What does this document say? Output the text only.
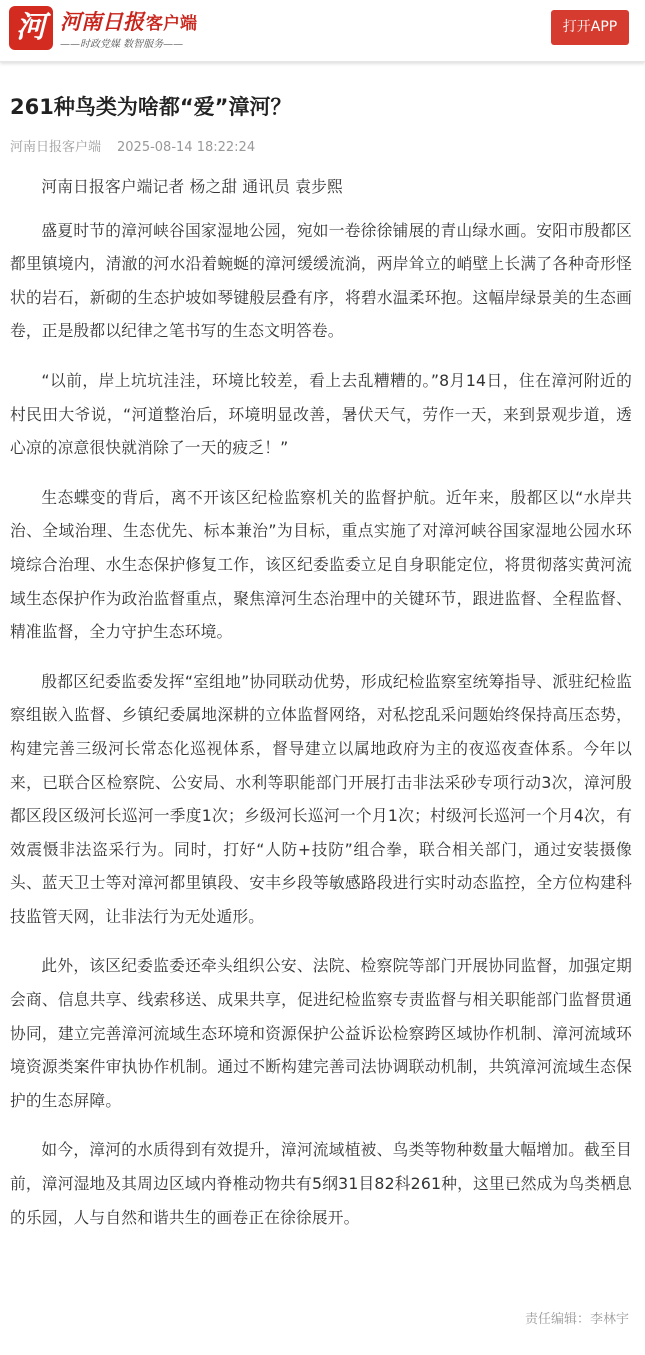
河 河南日报 客户端
——时政党媒 数智服务——
打开APP
261种鸟类为啥都“爱”漳河？
河南日报客户端 2025-08-14 18:22:24

河南日报客户端记者 杨之甜 通讯员 袁步熙

盛夏时节的漳河峡谷国家湿地公园，宛如一卷徐徐铺展的青山绿水画。安阳市殷都区都里镇境内，清澈的河水沿着蜿蜒的漳河缓缓流淌，两岸耸立的峭壁上长满了各种奇形怪状的岩石，新砌的生态护坡如琴键般层叠有序，将碧水温柔环抱。这幅岸绿景美的生态画卷，正是殷都以纪律之笔书写的生态文明答卷。

“以前，岸上坑坑洼洼，环境比较差，看上去乱糟糟的。”8月14日，住在漳河附近的村民田大爷说，“河道整治后，环境明显改善，暑伏天气，劳作一天，来到景观步道，透心凉的凉意很快就消除了一天的疲乏！”

生态蝶变的背后，离不开该区纪检监察机关的监督护航。近年来，殷都区以“水岸共治、全域治理、生态优先、标本兼治”为目标，重点实施了对漳河峡谷国家湿地公园水环境综合治理、水生态保护修复工作，该区纪委监委立足自身职能定位，将贯彻落实黄河流域生态保护作为政治监督重点，聚焦漳河生态治理中的关键环节，跟进监督、全程监督、精准监督，全力守护生态环境。

殷都区纪委监委发挥“室组地”协同联动优势，形成纪检监察室统筹指导、派驻纪检监察组嵌入监督、乡镇纪委属地深耕的立体监督网络，对私挖乱采问题始终保持高压态势，构建完善三级河长常态化巡视体系，督导建立以属地政府为主的夜巡夜查体系。今年以来，已联合区检察院、公安局、水利等职能部门开展打击非法采砂专项行动3次，漳河殷都区段区级河长巡河一季度1次；乡级河长巡河一个月1次；村级河长巡河一个月4次，有效震慑非法盗采行为。同时，打好“人防+技防”组合拳，联合相关部门，通过安装摄像头、蓝天卫士等对漳河都里镇段、安丰乡段等敏感路段进行实时动态监控，全方位构建科技监管天网，让非法行为无处遁形。

此外，该区纪委监委还牵头组织公安、法院、检察院等部门开展协同监督，加强定期会商、信息共享、线索移送、成果共享，促进纪检监察专责监督与相关职能部门监督贯通协同，建立完善漳河流域生态环境和资源保护公益诉讼检察跨区域协作机制、漳河流域环境资源类案件审执协作机制。通过不断构建完善司法协调联动机制，共筑漳河流域生态保护的生态屏障。

如今，漳河的水质得到有效提升，漳河流域植被、鸟类等物种数量大幅增加。截至目前，漳河湿地及其周边区域内脊椎动物共有5纲31目82科261种，这里已然成为鸟类栖息的乐园，人与自然和谐共生的画卷正在徐徐展开。

责任编辑：李林宇
